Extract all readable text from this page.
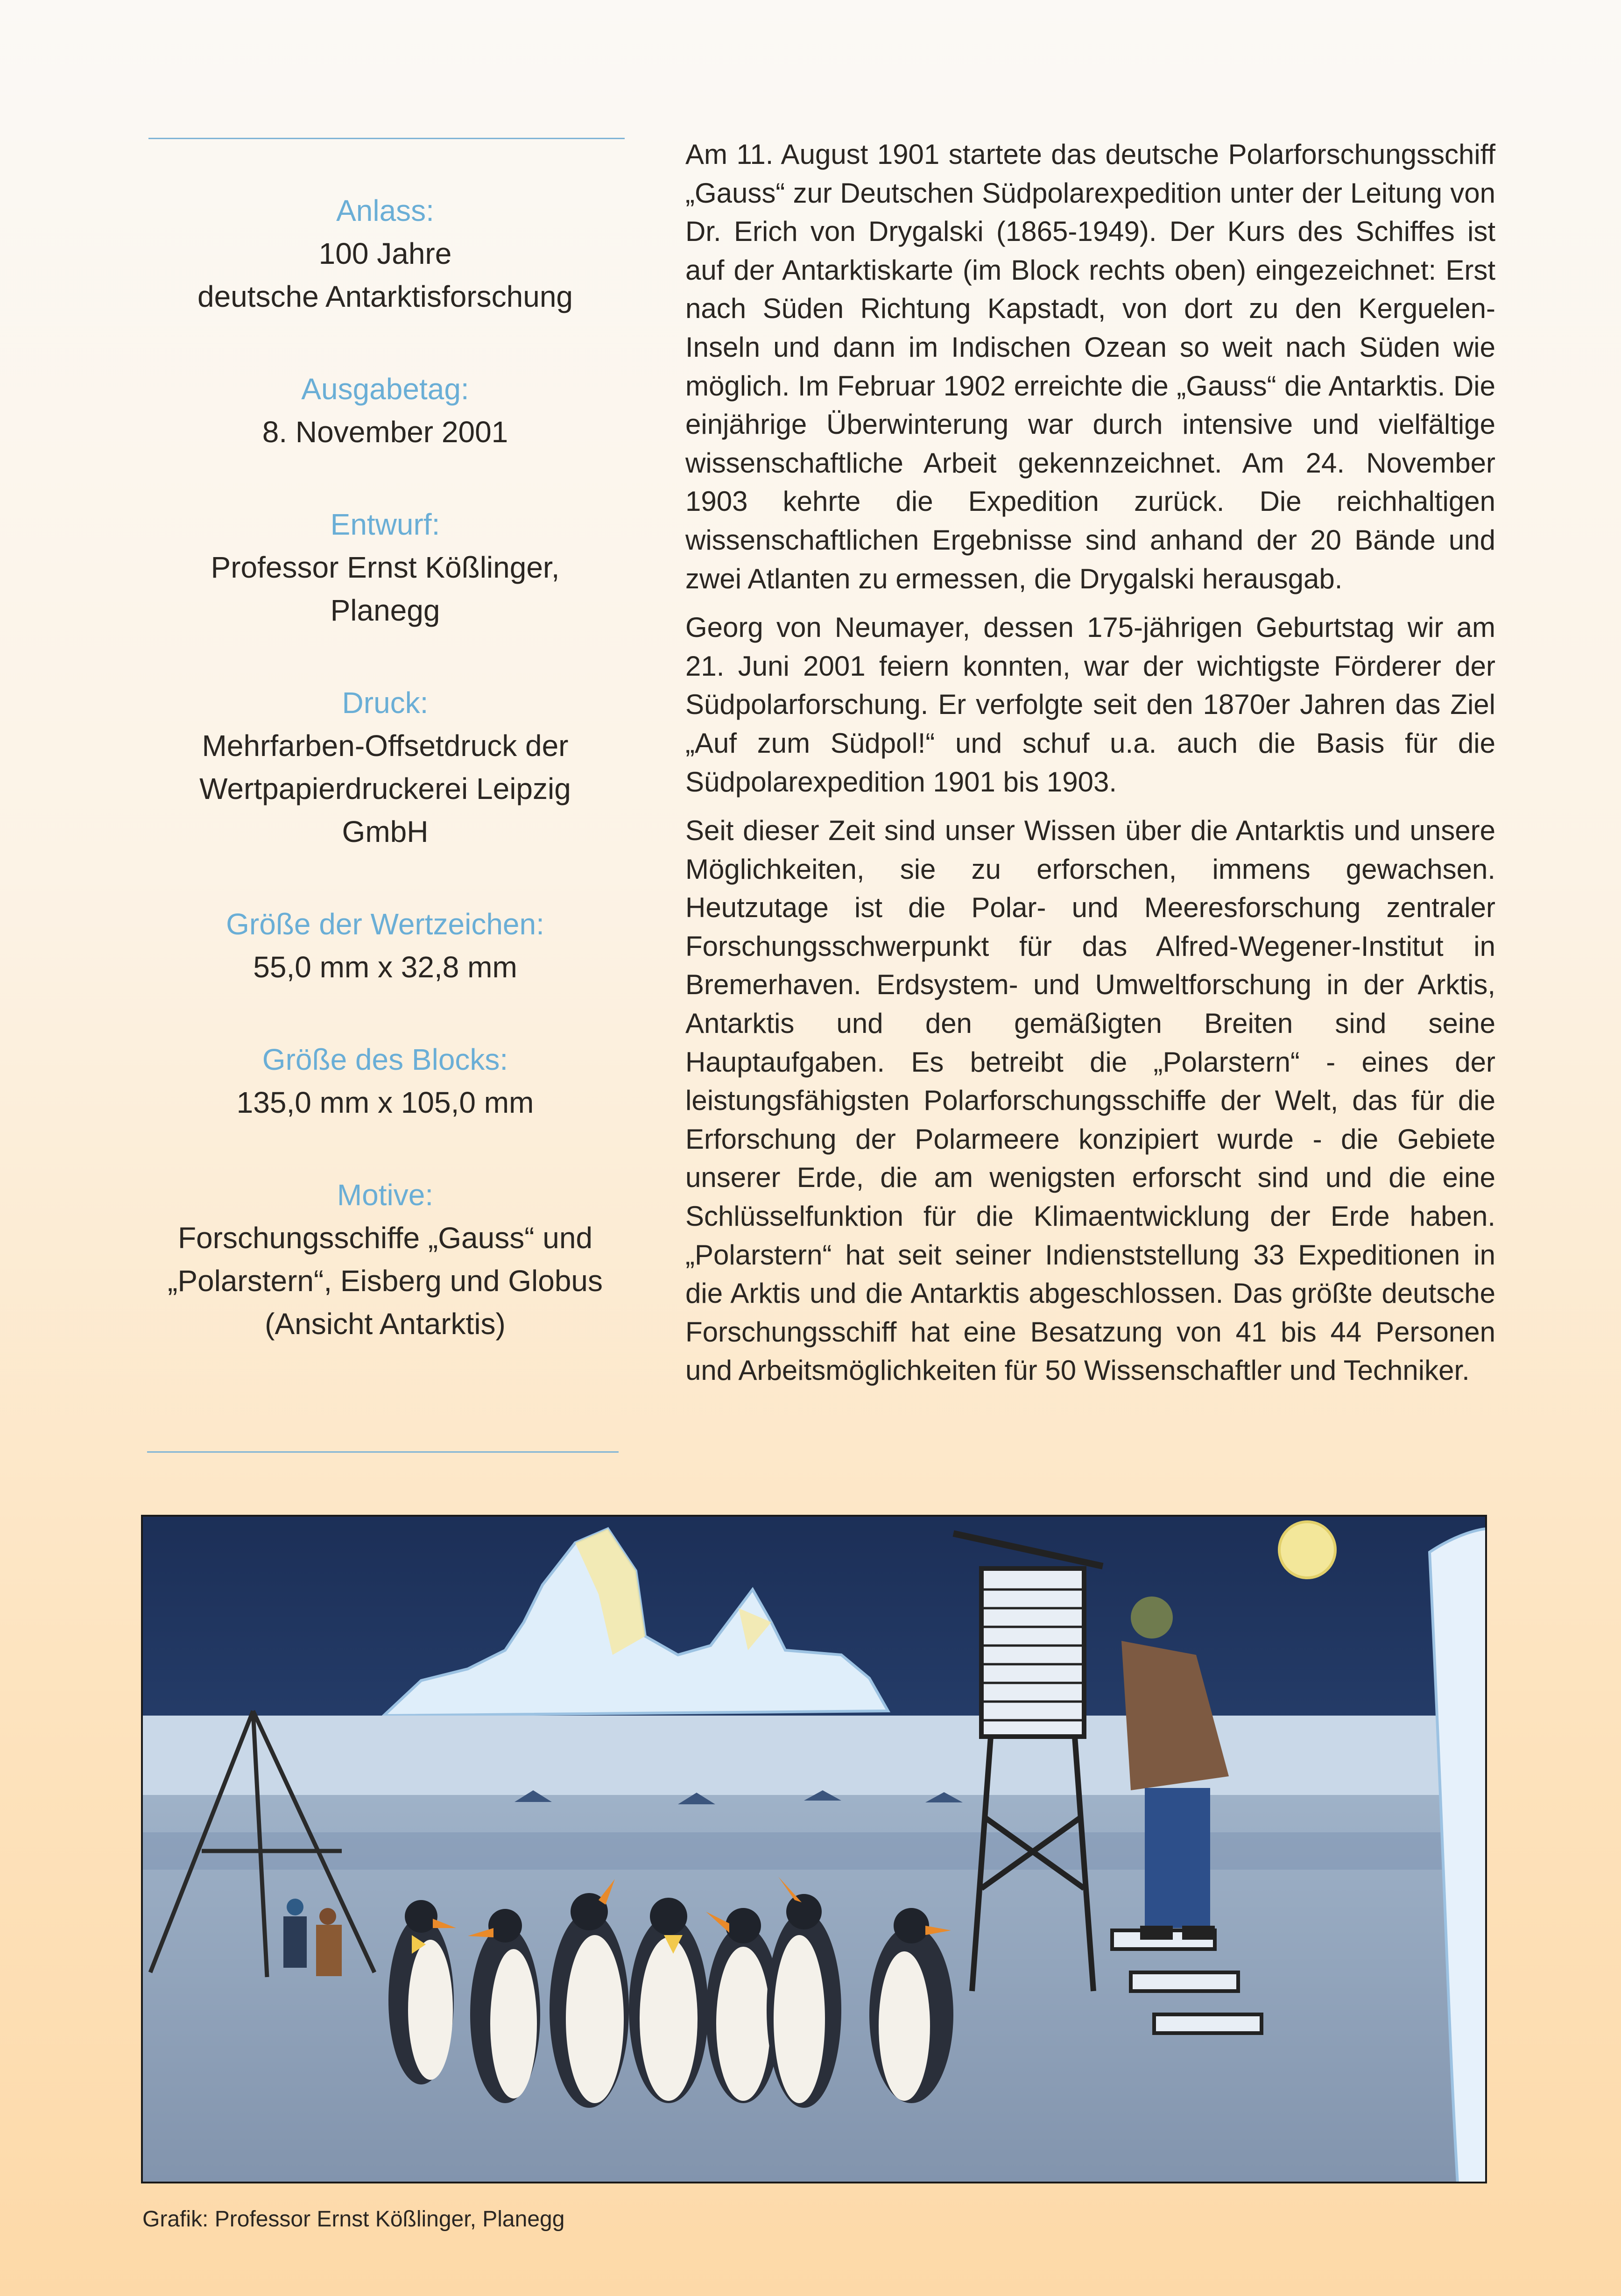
Anlass:
100 Jahre
deutsche Antarktisforschung
Ausgabetag:
8. November 2001
Entwurf:
Professor Ernst Kößlinger,
Planegg
Druck:
Mehrfarben-Offsetdruck der
Wertpapierdruckerei Leipzig
GmbH
Größe der Wertzeichen:
55,0 mm x 32,8 mm
Größe des Blocks:
135,0 mm x 105,0 mm
Motive:
Forschungsschiffe „Gauss“ und
„Polarstern“, Eisberg und Globus
(Ansicht Antarktis)

Am 11. August 1901 startete das deutsche Polarforschungsschiff „Gauss“ zur Deutschen Südpolarexpedition unter der Leitung von Dr. Erich von Drygalski (1865-1949). Der Kurs des Schiffes ist auf der Antarktiskarte (im Block rechts oben) eingezeichnet: Erst nach Süden Richtung Kapstadt, von dort zu den Kerguelen-Inseln und dann im Indischen Ozean so weit nach Süden wie möglich. Im Februar 1902 erreichte die „Gauss“ die Antarktis. Die einjährige Überwinterung war durch intensive und vielfältige wissenschaftliche Arbeit gekennzeichnet. Am 24. November 1903 kehrte die Expedition zurück. Die reichhaltigen wissenschaftlichen Ergebnisse sind anhand der 20 Bände und zwei Atlanten zu ermessen, die Drygalski herausgab.

Georg von Neumayer, dessen 175-jährigen Geburtstag wir am 21. Juni 2001 feiern konnten, war der wichtigste Förderer der Südpolarforschung. Er verfolgte seit den 1870er Jahren das Ziel „Auf zum Südpol!“ und schuf u.a. auch die Basis für die Südpolarexpedition 1901 bis 1903.

Seit dieser Zeit sind unser Wissen über die Antarktis und unsere Möglichkeiten, sie zu erforschen, immens gewachsen. Heutzutage ist die Polar- und Meeresforschung zentraler Forschungsschwerpunkt für das Alfred-Wegener-Institut in Bremerhaven. Erdsystem- und Umweltforschung in der Arktis, Antarktis und den gemäßigten Breiten sind seine Hauptaufgaben. Es betreibt die „Polarstern“ - eines der leistungsfähigsten Polarforschungsschiffe der Welt, das für die Erforschung der Polarmeere konzipiert wurde - die Gebiete unserer Erde, die am wenigsten erforscht sind und die eine Schlüsselfunktion für die Klimaentwicklung der Erde haben. „Polarstern“ hat seit seiner Indienststellung 33 Expeditionen in die Arktis und die Antarktis abgeschlossen. Das größte deutsche Forschungsschiff hat eine Besatzung von 41 bis 44 Personen und Arbeitsmöglichkeiten für 50 Wissenschaftler und Techniker.

Grafik: Professor Ernst Kößlinger, Planegg
